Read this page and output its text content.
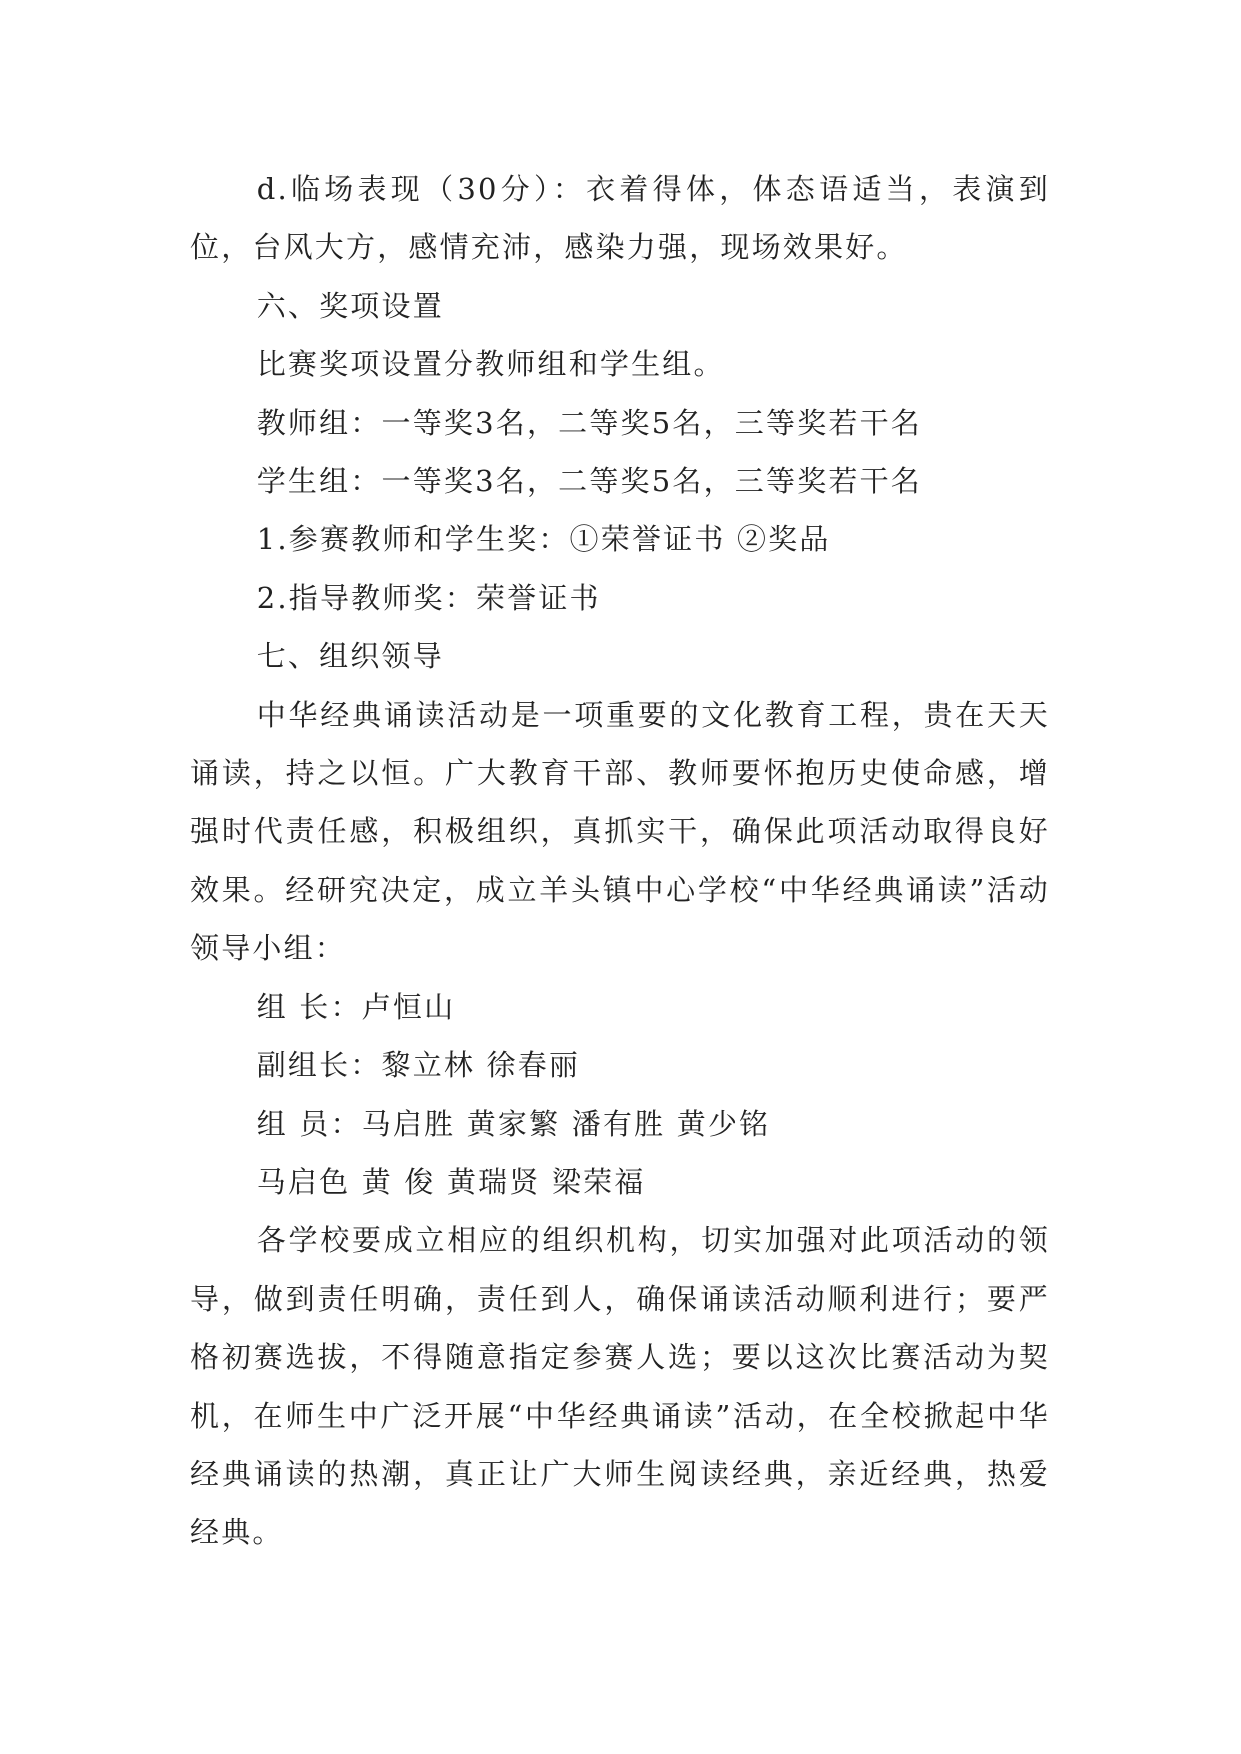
d.临场表现（30分）：衣着得体，体态语适当，表演到位，台风大方，感情充沛，感染力强，现场效果好。

六、奖项设置

比赛奖项设置分教师组和学生组。

教师组：一等奖3名，二等奖5名，三等奖若干名

学生组：一等奖3名，二等奖5名，三等奖若干名

1.参赛教师和学生奖：①荣誉证书 ②奖品

2.指导教师奖：荣誉证书

七、组织领导

中华经典诵读活动是一项重要的文化教育工程，贵在天天诵读，持之以恒。广大教育干部、教师要怀抱历史使命感，增强时代责任感，积极组织，真抓实干，确保此项活动取得良好效果。经研究决定，成立羊头镇中心学校“中华经典诵读”活动领导小组：

组 长：卢恒山

副组长：黎立林 徐春丽

组 员：马启胜 黄家繁 潘有胜 黄少铭

马启色 黄 俊 黄瑞贤 梁荣福

各学校要成立相应的组织机构，切实加强对此项活动的领导，做到责任明确，责任到人，确保诵读活动顺利进行；要严格初赛选拔，不得随意指定参赛人选；要以这次比赛活动为契机，在师生中广泛开展“中华经典诵读”活动，在全校掀起中华经典诵读的热潮，真正让广大师生阅读经典，亲近经典，热爱经典。
